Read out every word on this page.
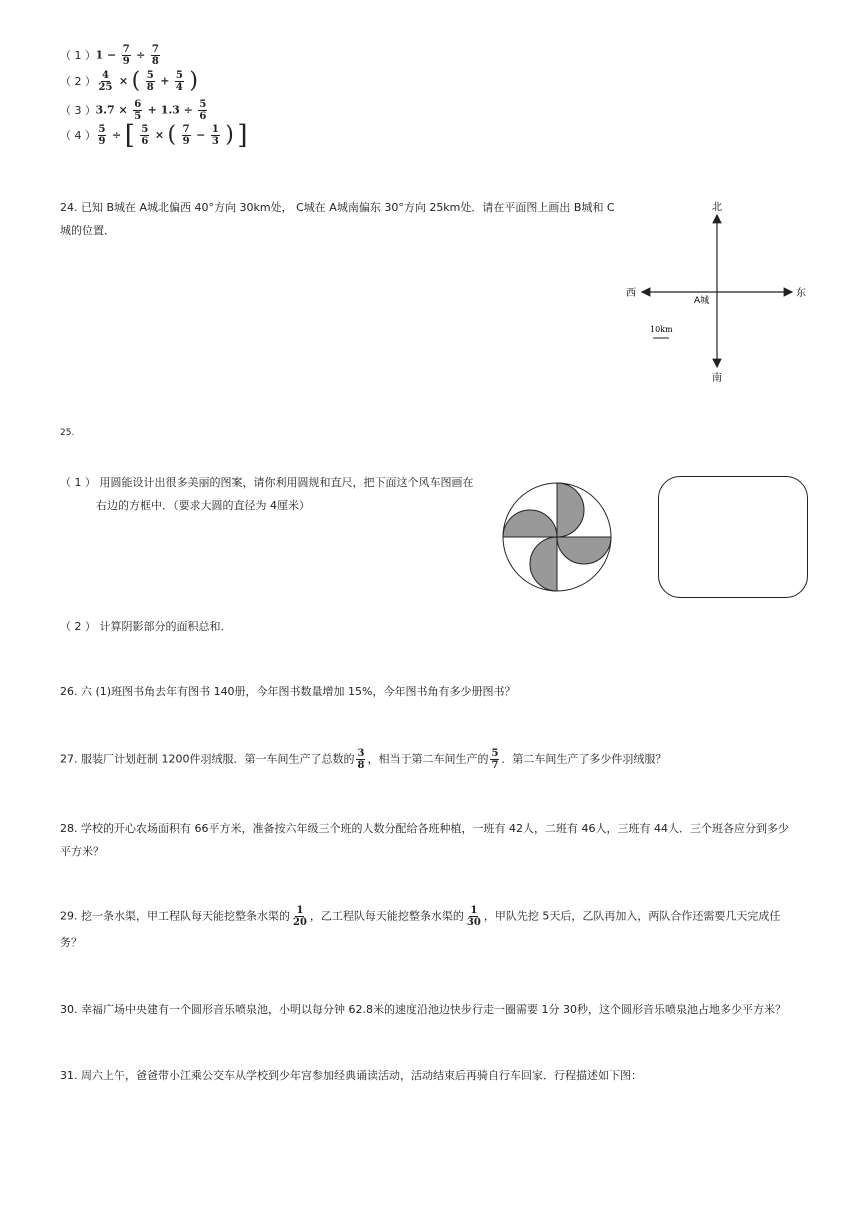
（ 1 ） $1 - \frac{7}{9} \div \frac{7}{8}$
（ 2 ） $\frac{4}{25}$ × ( $\frac{5}{8} + \frac{5}{4}$ )
（ 3 ） $3.7 \times \frac{6}{5} + 1.3 \div \frac{5}{6}$
（ 4 ） $\frac{5}{9}$ ÷ [ $\frac{5}{6}$ × ( $\frac{7}{9} - \frac{1}{3}$ ) ]
24. 已知 B城在 A城北偏西 40°方向 30km处， C城在 A城南偏东 30°方向 25km处．请在平面图上画出 B城和 C
城的位置．
北
南
东
西
A城
10km
25.
（ 1 ） 用圆能设计出很多美丽的图案，请你利用圆规和直尺，把下面这个风车图画在
右边的方框中．（要求大圆的直径为 4厘米）
（ 2 ） 计算阴影部分的面积总和．
26. 六 (1)班图书角去年有图书 140册，今年图书数量增加 15%，今年图书角有多少册图书？
27. 服装厂计划赶制 1200件羽绒服．第一车间生产了总数的 $\frac{3}{8}$ ，相当于第二车间生产的 $\frac{5}{7}$ ．第二车间生产了多少件羽绒服？
28. 学校的开心农场面积有 66平方米，准备按六年级三个班的人数分配给各班种植，一班有 42人，二班有 46人，三班有 44人．三个班各应分到多少
平方米？
29. 挖一条水渠，甲工程队每天能挖整条水渠的 $\frac{1}{20}$ ，乙工程队每天能挖整条水渠的 $\frac{1}{30}$ ，甲队先挖 5天后，乙队再加入，两队合作还需要几天完成任
务？
30. 幸福广场中央建有一个圆形音乐喷泉池，小明以每分钟 62.8米的速度沿池边快步行走一圈需要 1分 30秒，这个圆形音乐喷泉池占地多少平方米？
31. 周六上午，爸爸带小江乘公交车从学校到少年宫参加经典诵读活动，活动结束后再骑自行车回家．行程描述如下图：
